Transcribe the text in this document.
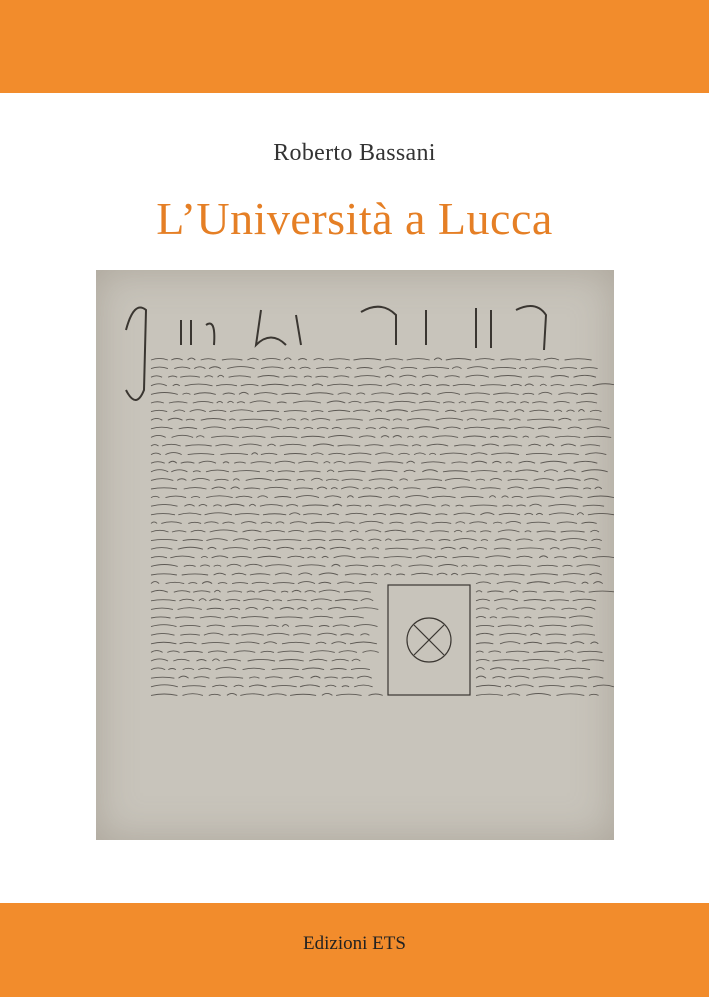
Roberto Bassani
L’Università a Lucca
Edizioni ETS
